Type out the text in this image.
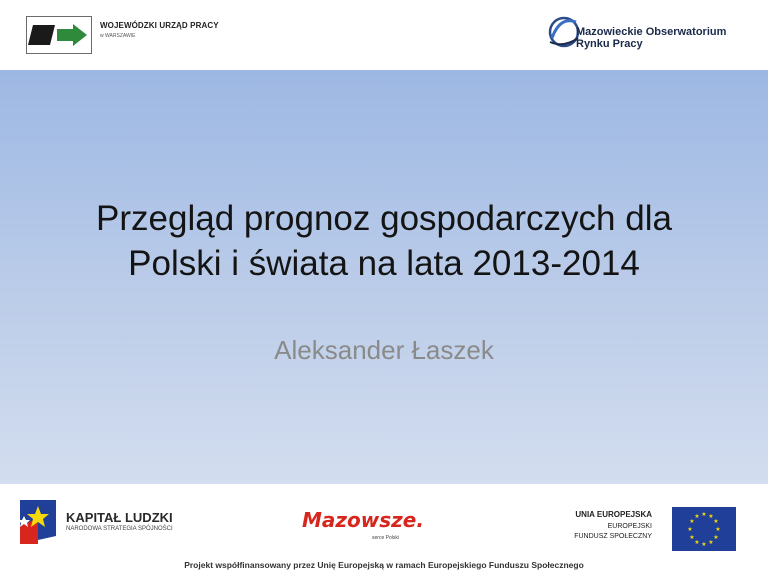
WOJEWÓDZKI URZĄD PRACY
w WARSZAWIE	Mazowieckie Obserwatorium
Rynku Pracy
Przegląd prognoz gospodarczych dla
Polski i świata na lata 2013-2014
Aleksander Łaszek
KAPITAŁ LUDZKI
NARODOWA STRATEGIA SPÓJNOŚCI	Mazowsze.
serce Polski
UNIA EUROPEJSKA
EUROPEJSKI
FUNDUSZ SPOŁECZNY
★ ★
★
★
★
★
★
★
★
★
★
★
Projekt współfinansowany przez Unię Europejską w ramach Europejskiego Funduszu Społecznego
